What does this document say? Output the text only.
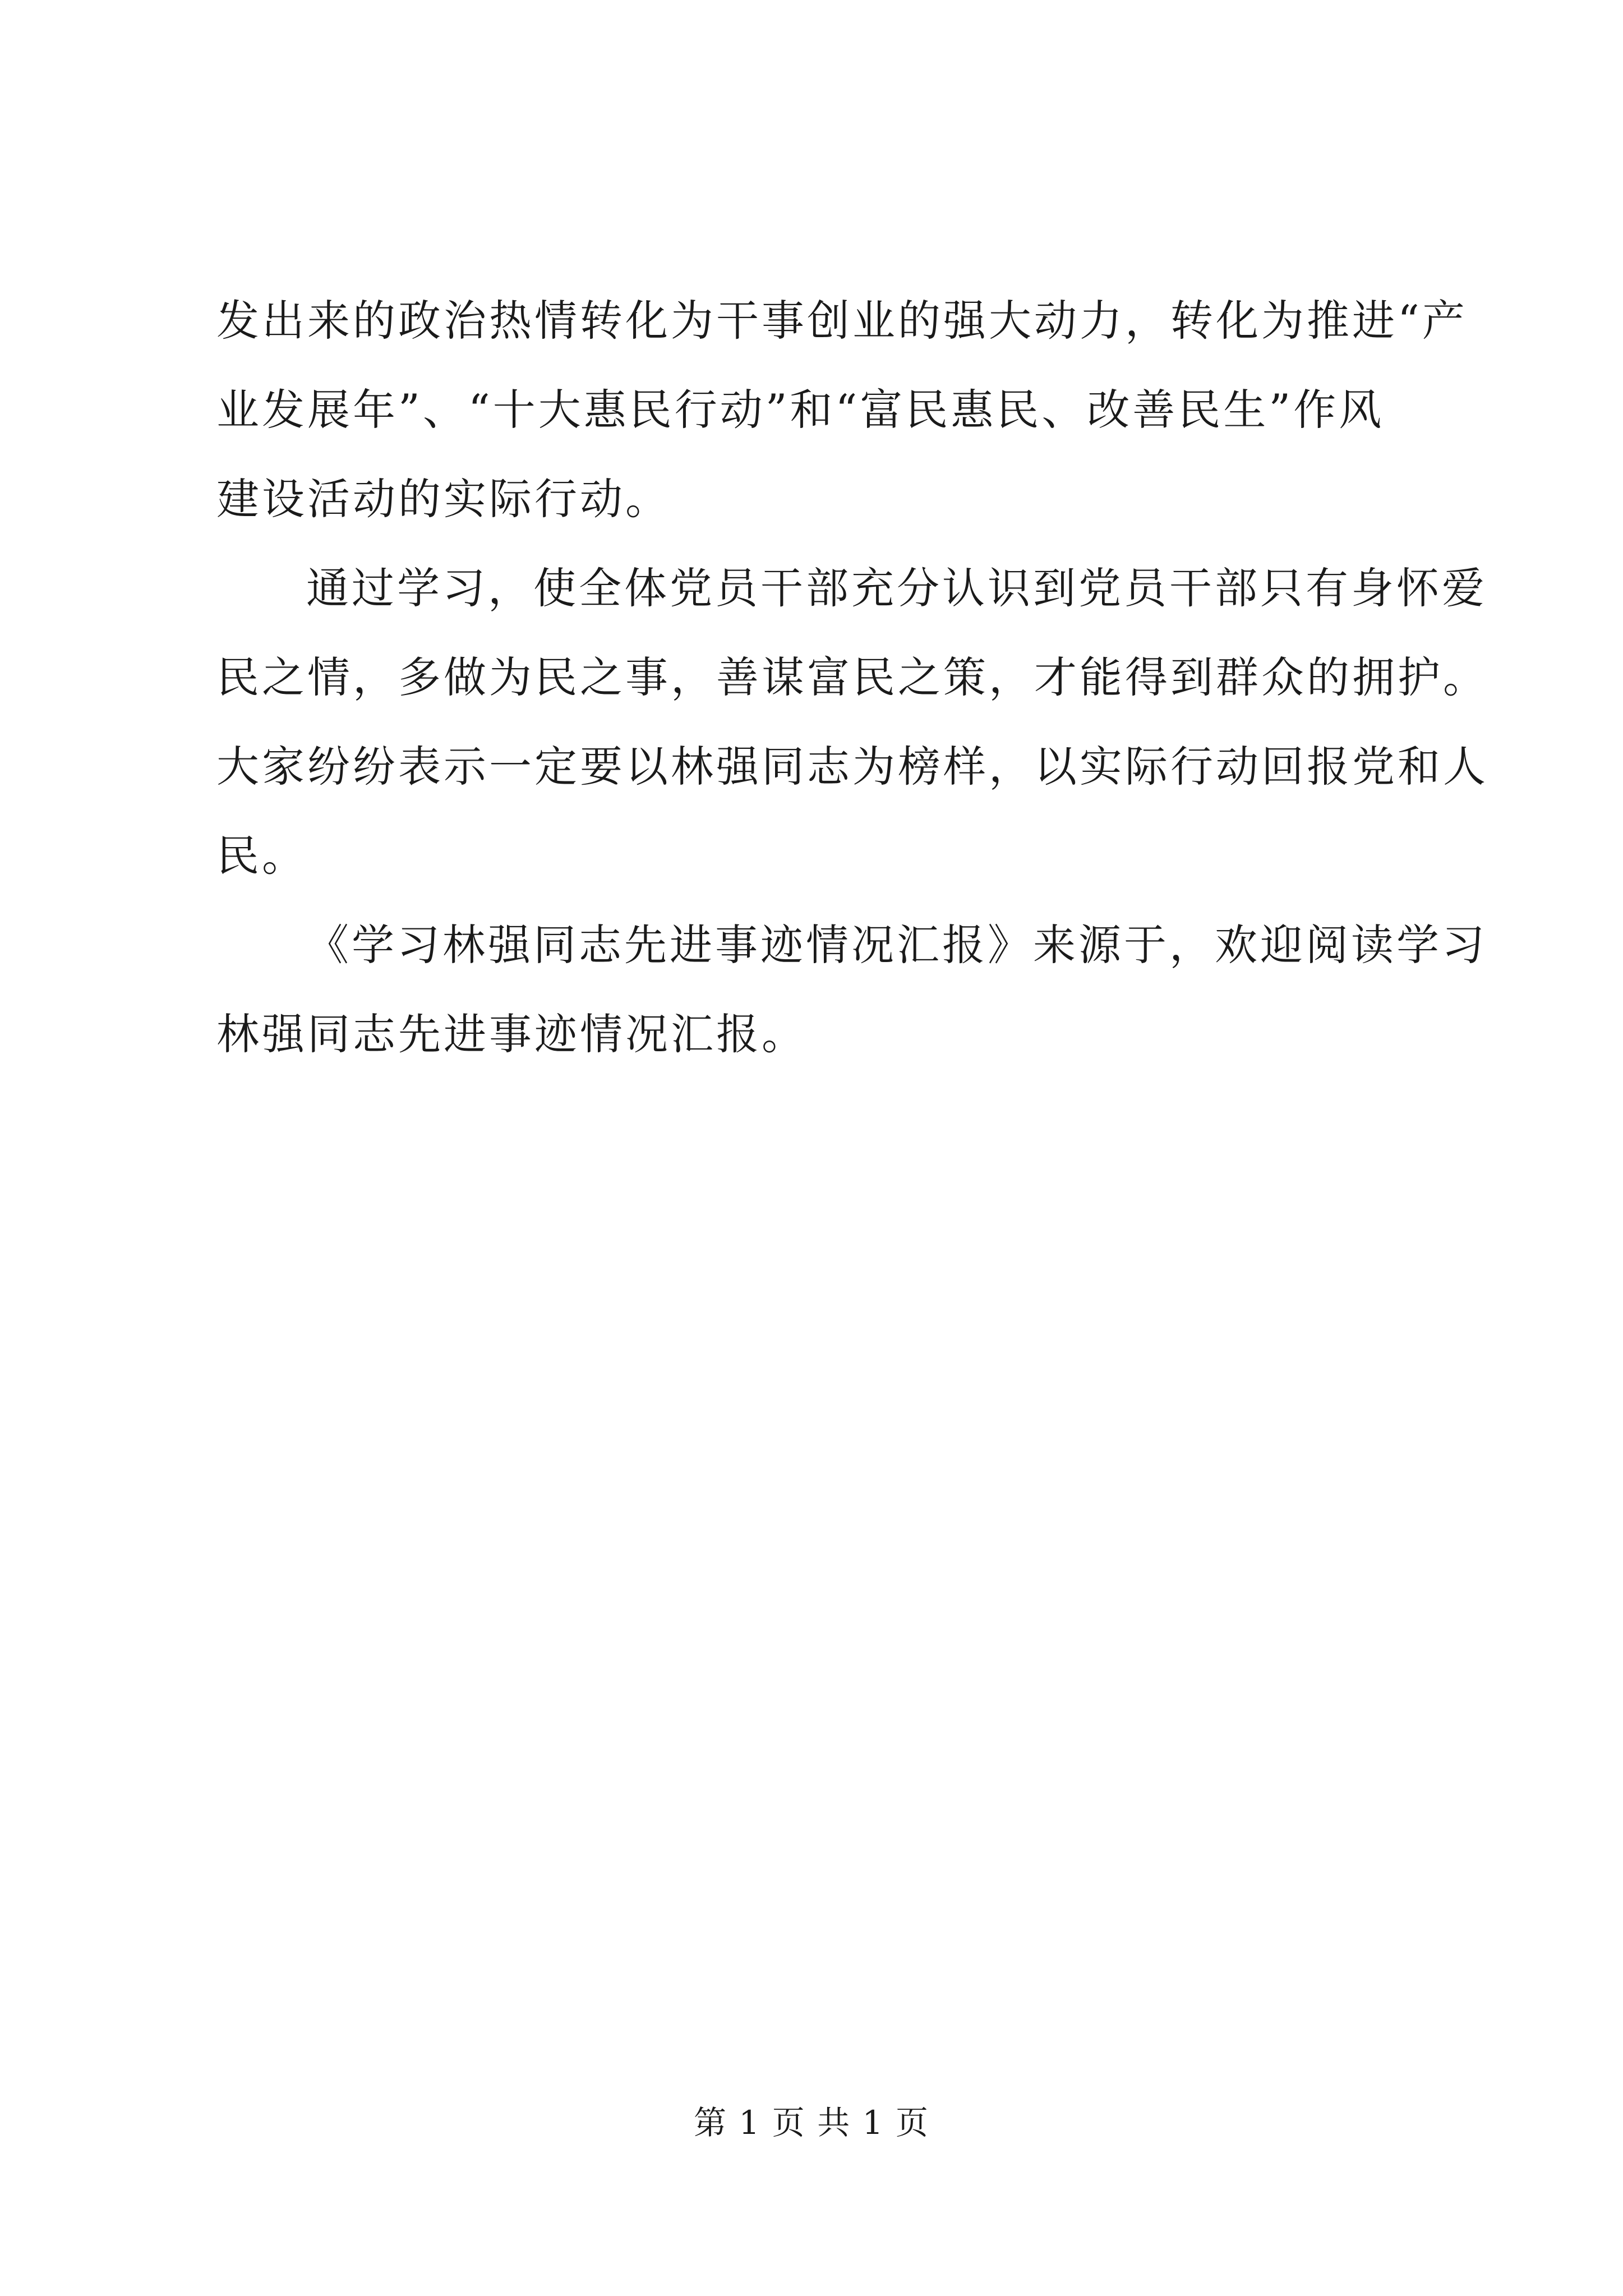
发出来的政治热情转化为干事创业的强大动力，转化为推进“产

业发展年”、“十大惠民行动”和“富民惠民、改善民生”作风

建设活动的实际行动。

通过学习，使全体党员干部充分认识到党员干部只有身怀爱

民之情，多做为民之事，善谋富民之策，才能得到群众的拥护。

大家纷纷表示一定要以林强同志为榜样，以实际行动回报党和人

民。

《学习林强同志先进事迹情况汇报》来源于，欢迎阅读学习

林强同志先进事迹情况汇报。

第 1 页 共 1 页
